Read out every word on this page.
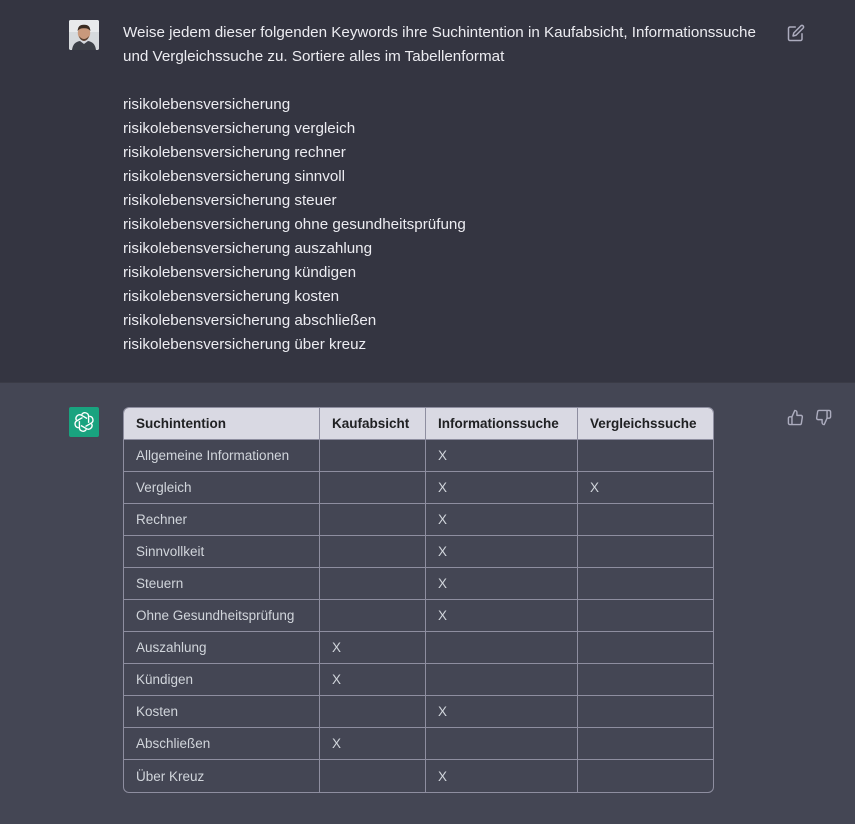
Weise jedem dieser folgenden Keywords ihre Suchintention in Kaufabsicht, Informationssuche und Vergleichssuche zu. Sortiere alles im Tabellenformat

risikolebensversicherung

risikolebensversicherung vergleich

risikolebensversicherung rechner

risikolebensversicherung sinnvoll

risikolebensversicherung steuer

risikolebensversicherung ohne gesundheitsprüfung

risikolebensversicherung auszahlung

risikolebensversicherung kündigen

risikolebensversicherung kosten

risikolebensversicherung abschließen

risikolebensversicherung über kreuz

Suchintention	Kaufabsicht	Informationssuche	Vergleichssuche
Allgemeine Informationen		X	
Vergleich		X	X
Rechner		X	
Sinnvollkeit		X	
Steuern		X	
Ohne Gesundheitsprüfung		X	
Auszahlung	X		
Kündigen	X		
Kosten		X	
Abschließen	X		
Über Kreuz		X	
